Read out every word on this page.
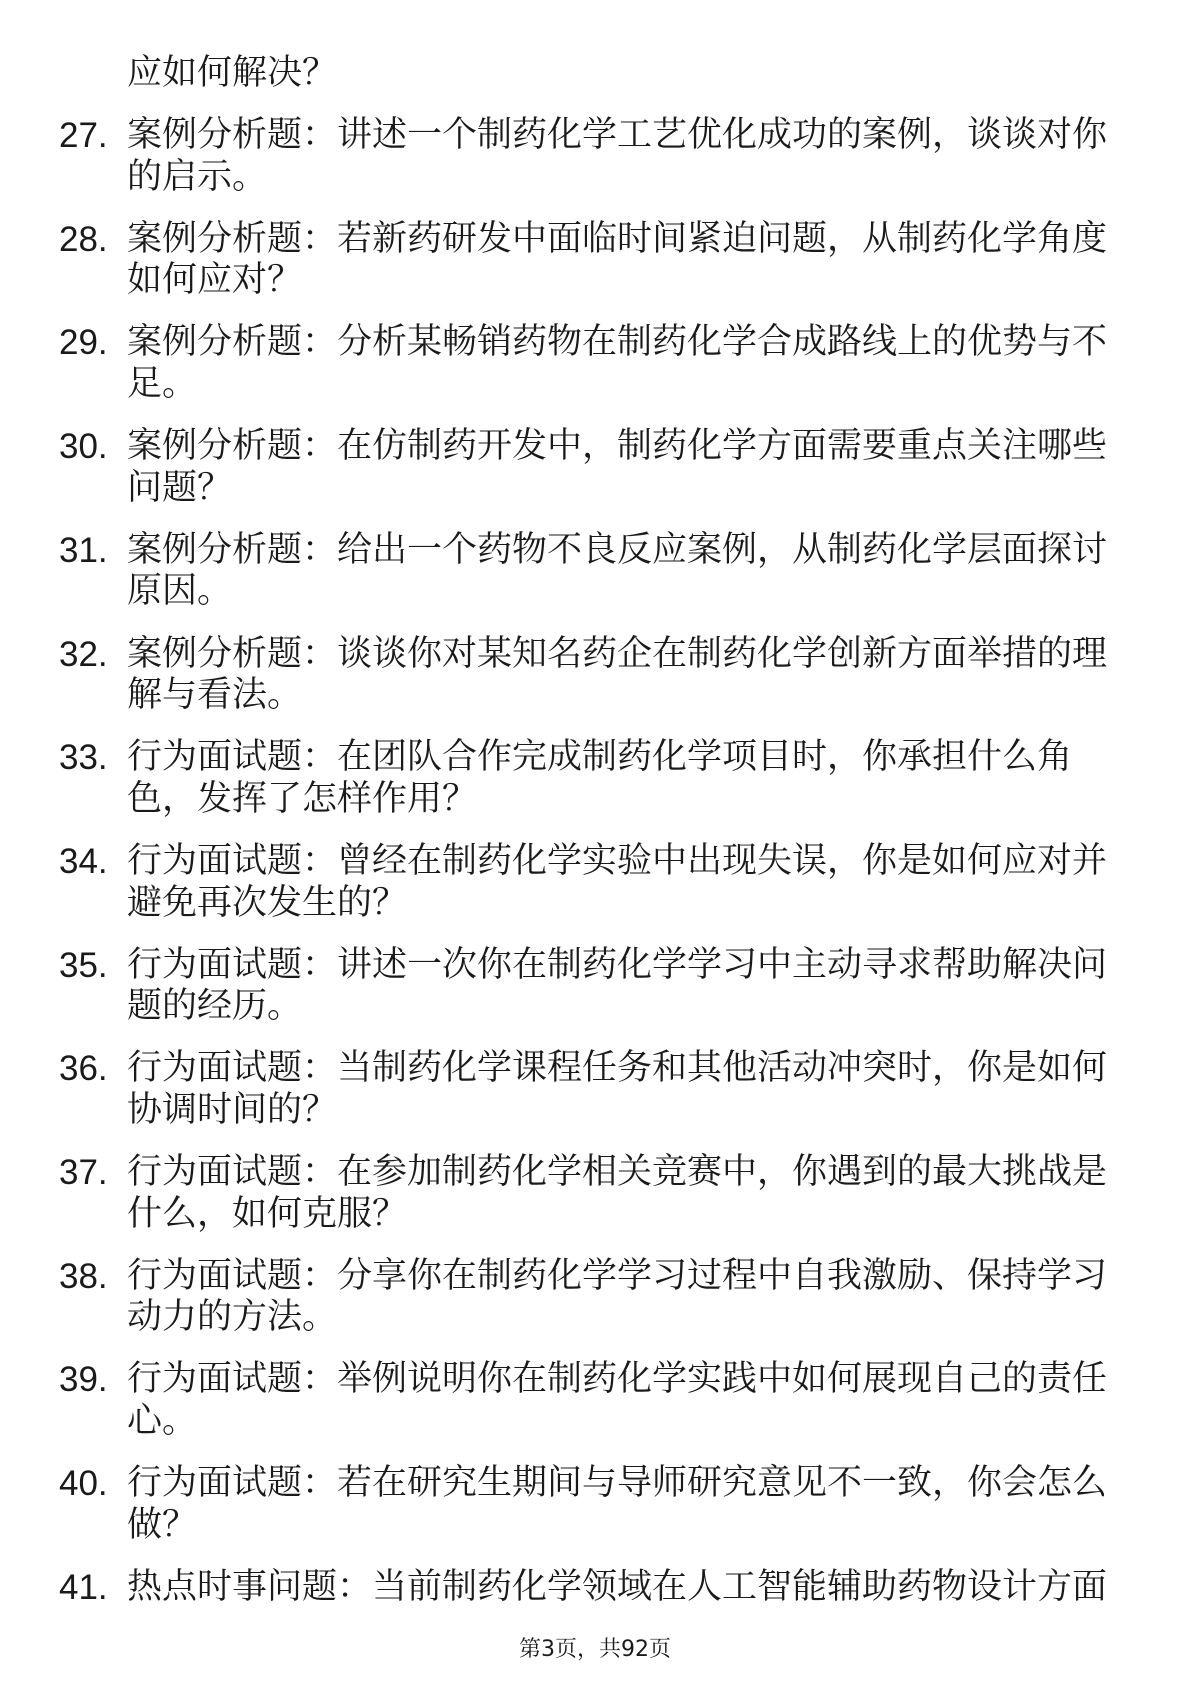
应如何解决？
27. 案例分析题：讲述一个制药化学工艺优化成功的案例，谈谈对你
的启示。
28. 案例分析题：若新药研发中面临时间紧迫问题，从制药化学角度
如何应对？
29. 案例分析题：分析某畅销药物在制药化学合成路线上的优势与不
足。
30. 案例分析题：在仿制药开发中，制药化学方面需要重点关注哪些
问题？
31. 案例分析题：给出一个药物不良反应案例，从制药化学层面探讨
原因。
32. 案例分析题：谈谈你对某知名药企在制药化学创新方面举措的理
解与看法。
33. 行为面试题：在团队合作完成制药化学项目时，你承担什么角
色，发挥了怎样作用？
34. 行为面试题：曾经在制药化学实验中出现失误，你是如何应对并
避免再次发生的？
35. 行为面试题：讲述一次你在制药化学学习中主动寻求帮助解决问
题的经历。
36. 行为面试题：当制药化学课程任务和其他活动冲突时，你是如何
协调时间的？
37. 行为面试题：在参加制药化学相关竞赛中，你遇到的最大挑战是
什么，如何克服？
38. 行为面试题：分享你在制药化学学习过程中自我激励、保持学习
动力的方法。
39. 行为面试题：举例说明你在制药化学实践中如何展现自己的责任
心。
40. 行为面试题：若在研究生期间与导师研究意见不一致，你会怎么
做？
41. 热点时事问题：当前制药化学领域在人工智能辅助药物设计方面
第3页，共92页
